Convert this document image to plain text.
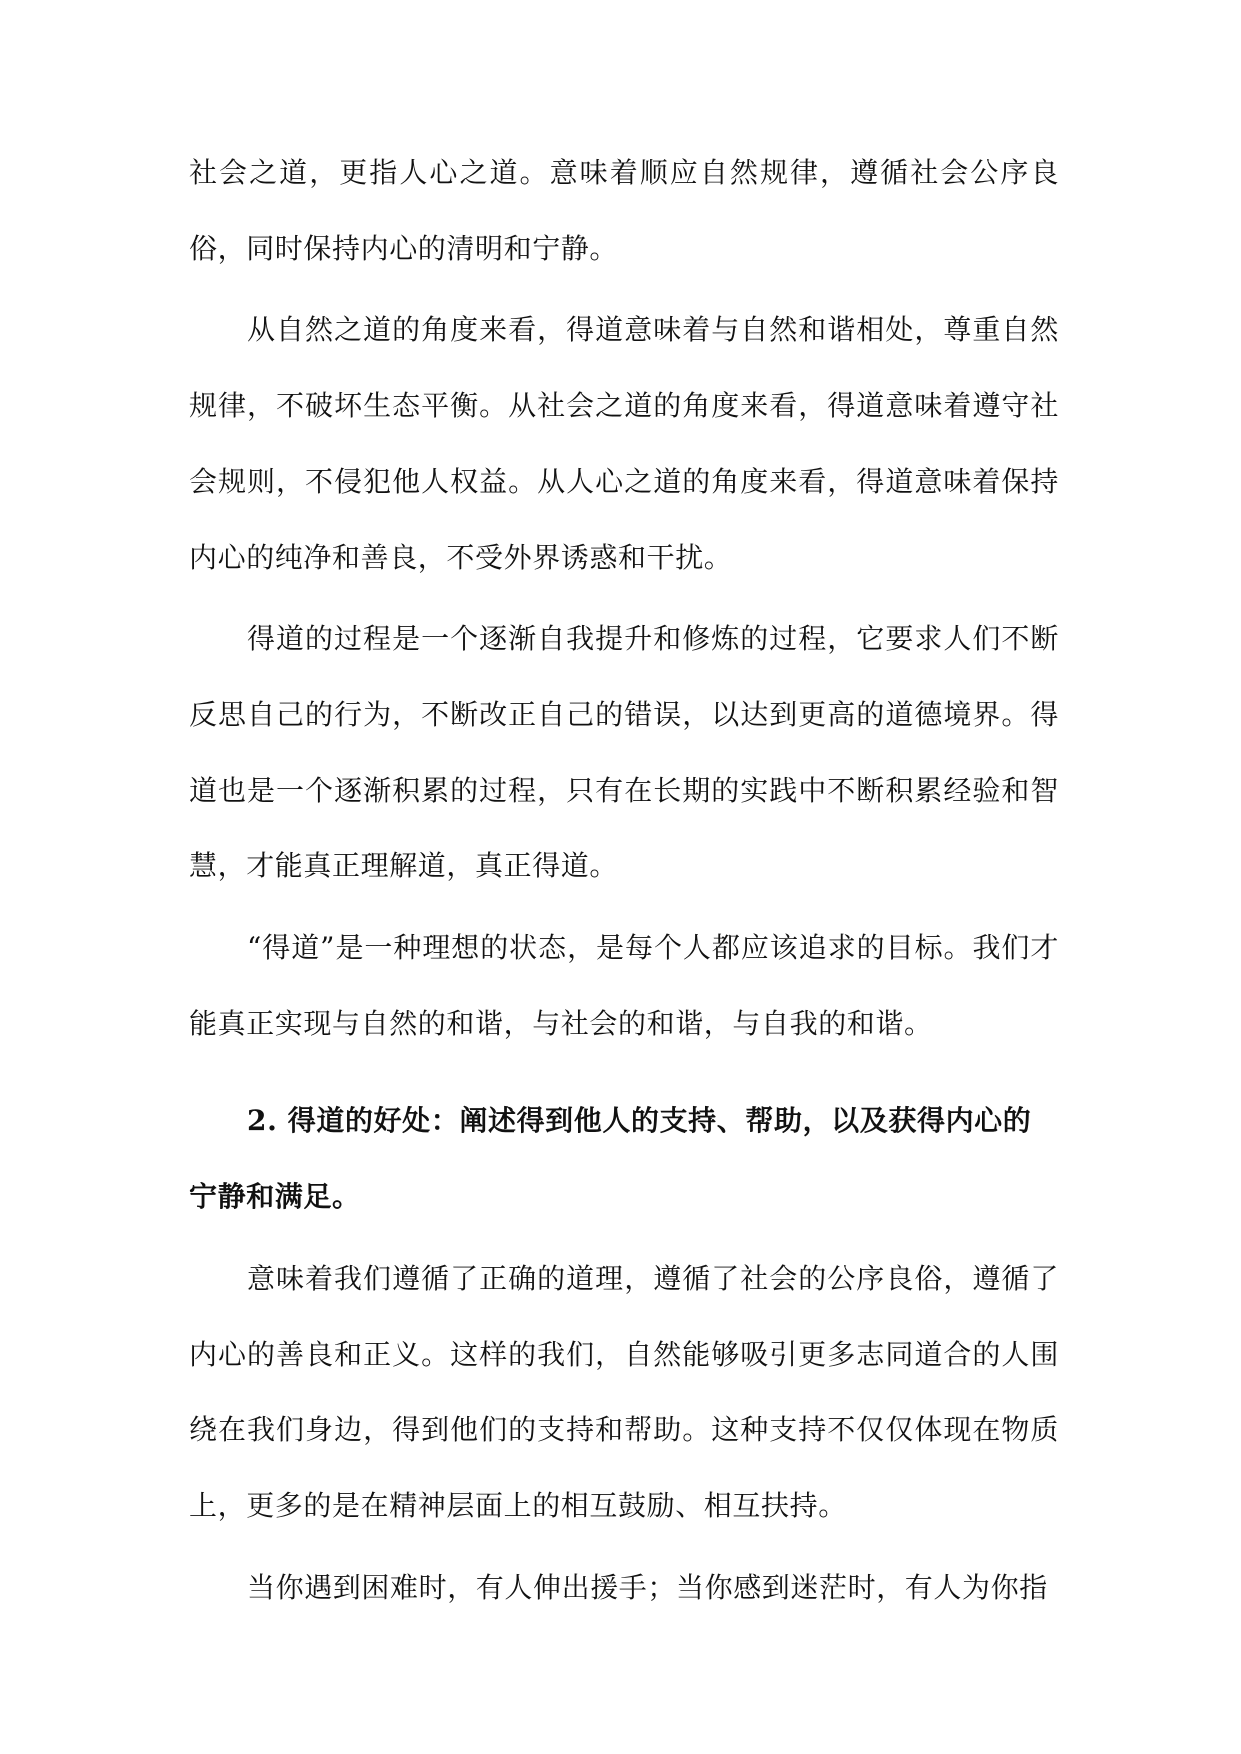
社会之道，更指人心之道。意味着顺应自然规律，遵循社会公序良俗，同时保持内心的清明和宁静。

从自然之道的角度来看，得道意味着与自然和谐相处，尊重自然规律，不破坏生态平衡。从社会之道的角度来看，得道意味着遵守社会规则，不侵犯他人权益。从人心之道的角度来看，得道意味着保持内心的纯净和善良，不受外界诱惑和干扰。

得道的过程是一个逐渐自我提升和修炼的过程，它要求人们不断反思自己的行为，不断改正自己的错误，以达到更高的道德境界。得道也是一个逐渐积累的过程，只有在长期的实践中不断积累经验和智慧，才能真正理解道，真正得道。

“得道”是一种理想的状态，是每个人都应该追求的目标。我们才能真正实现与自然的和谐，与社会的和谐，与自我的和谐。

2. 得道的好处：阐述得到他人的支持、帮助，以及获得内心的宁静和满足。

意味着我们遵循了正确的道理，遵循了社会的公序良俗，遵循了内心的善良和正义。这样的我们，自然能够吸引更多志同道合的人围绕在我们身边，得到他们的支持和帮助。这种支持不仅仅体现在物质上，更多的是在精神层面上的相互鼓励、相互扶持。

当你遇到困难时，有人伸出援手；当你感到迷茫时，有人为你指
